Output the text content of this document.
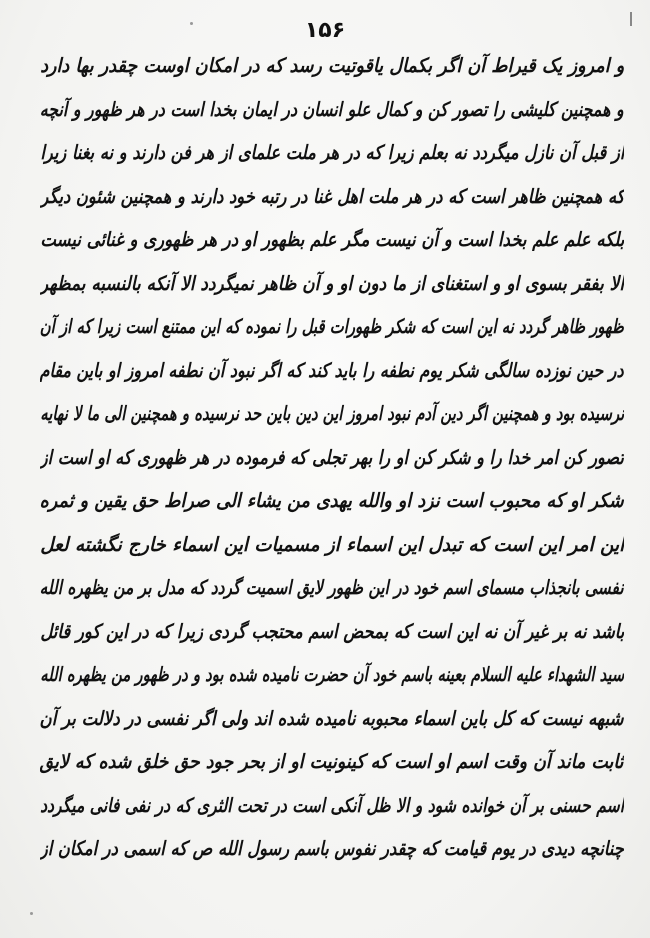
۱۵۶
و امروز یک قیراط آن اگر بکمال یاقوتیت رسد که در امکان اوست چقدر بها دارد
و همچنین کلیشی را تصور کن و کمال علو انسان در ایمان بخدا است در هر ظهور و آنچه
از قبل آن نازل میگردد نه بعلم زیرا که در هر ملت علمای از هر فن دارند و نه بغنا زیرا
که همچنین ظاهر است که در هر ملت اهل غنا در رتبه خود دارند و همچنین شئون دیگر
بلکه علم علم بخدا است و آن نیست مگر علم بظهور او در هر ظهوری و غنائی نیست
الا بفقر بسوی او و استغنای از ما دون او و آن ظاهر نمیگردد الا آنکه بالنسبه بمظهر
ظهور ظاهر گردد نه این است که شکر ظهورات قبل را نموده که این ممتنع است زیرا که از آن
در حین نوزده سالگی شکر یوم نطفه را باید کند که اگر نبود آن نطفه امروز او باین مقام
نرسیده بود و همچنین اگر دین آدم نبود امروز این دین باین حد نرسیده و همچنین الی ما لا نهایه
تصور کن امر خدا را و شکر کن او را بهر تجلی که فرموده در هر ظهوری که او است از
شکر او که محبوب است نزد او والله یهدی من یشاء الی صراط حق یقین و ثمره
این امر این است که تبدل این اسماء از مسمیات این اسماء خارج نگشته لعل
نفسی بانجذاب مسمای اسم خود در این ظهور لایق اسمیت گردد که مدل بر من یظهره الله
باشد نه بر غیر آن نه این است که بمحض اسم محتجب گردی زیرا که در این کور قائل
سید الشهداء علیه السلام بعینه باسم خود آن حضرت نامیده شده بود و در ظهور من یظهره الله
شبهه نیست که کل باین اسماء محبوبه نامیده شده اند ولی اگر نفسی در دلالت بر آن
ثابت ماند آن وقت اسم او است که کینونیت او از بحر جود حق خلق شده که لایق
اسم حسنی بر آن خوانده شود و الا ظل آنکی است در تحت الثری که در نفی فانی میگردد
چنانچه دیدی در یوم قیامت که چقدر نفوس باسم رسول الله ص که اسمی در امکان از
